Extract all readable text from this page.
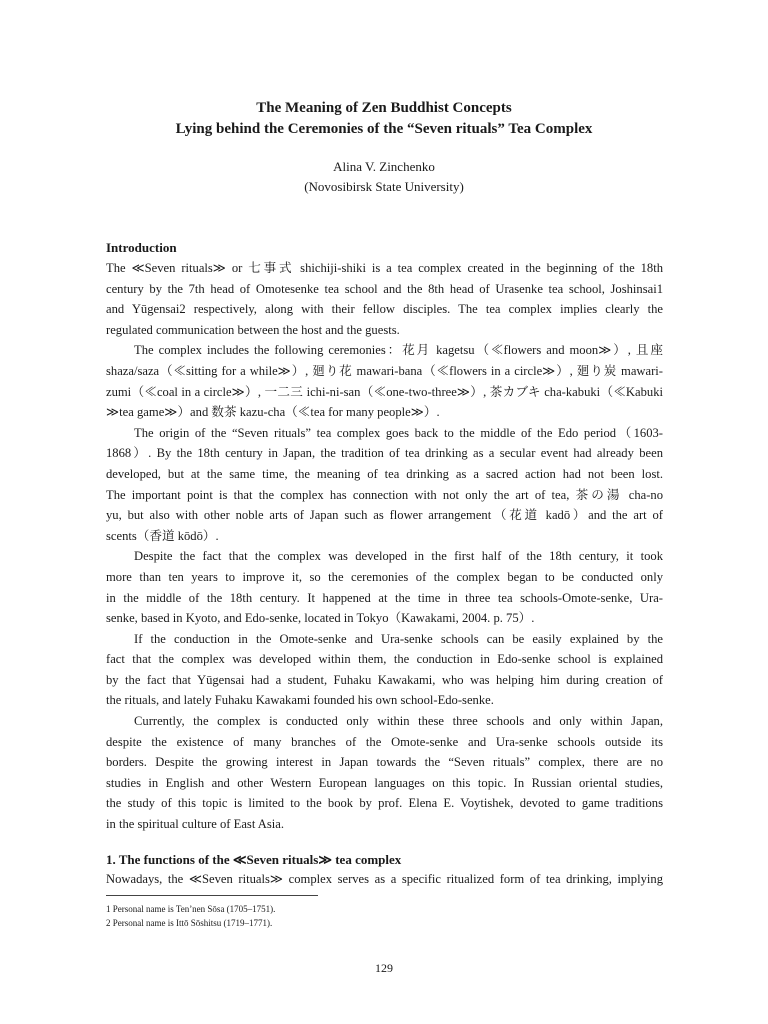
The Meaning of Zen Buddhist Concepts
Lying behind the Ceremonies of the “Seven rituals” Tea Complex
Alina V. Zinchenko
(Novosibirsk State University)
Introduction
The ≪Seven rituals≫ or 七事式 shichiji-shiki is a tea complex created in the beginning of the 18th
century by the 7th head of Omotesenke tea school and the 8th head of Urasenke tea school, Joshinsai1
and Yūgensai2 respectively, along with their fellow disciples. The tea complex implies clearly the
regulated communication between the host and the guests.
The complex includes the following ceremonies：花月 kagetsu（≪flowers and moon≫）, 且座
shaza/saza（≪sitting for a while≫）, 廻り花 mawari-bana（≪flowers in a circle≫）, 廻り炭 mawari-
zumi（≪coal in a circle≫）, 一二三 ichi-ni-san（≪one-two-three≫）, 茶カブキ cha-kabuki（≪Kabuki
≫tea game≫）and 数茶 kazu-cha（≪tea for many people≫）.
The origin of the “Seven rituals” tea complex goes back to the middle of the Edo period（1603-
1868）. By the 18th century in Japan, the tradition of tea drinking as a secular event had already been
developed, but at the same time, the meaning of tea drinking as a sacred action had not been lost.
The important point is that the complex has connection with not only the art of tea, 茶の湯 cha-no
yu, but also with other noble arts of Japan such as flower arrangement（花道 kadō）and the art of
scents（香道 kōdō）.
Despite the fact that the complex was developed in the first half of the 18th century, it took
more than ten years to improve it, so the ceremonies of the complex began to be conducted only
in the middle of the 18th century. It happened at the time in three tea schools-Omote-senke, Ura-
senke, based in Kyoto, and Edo-senke, located in Tokyo（Kawakami, 2004. p. 75）.
If the conduction in the Omote-senke and Ura-senke schools can be easily explained by the
fact that the complex was developed within them, the conduction in Edo-senke school is explained
by the fact that Yūgensai had a student, Fuhaku Kawakami, who was helping him during creation of
the rituals, and lately Fuhaku Kawakami founded his own school-Edo-senke.
Currently, the complex is conducted only within these three schools and only within Japan,
despite the existence of many branches of the Omote-senke and Ura-senke schools outside its
borders. Despite the growing interest in Japan towards the “Seven rituals” complex, there are no
studies in English and other Western European languages on this topic. In Russian oriental studies,
the study of this topic is limited to the book by prof. Elena E. Voytishek, devoted to game traditions
in the spiritual culture of East Asia.
1. The functions of the ≪Seven rituals≫ tea complex
Nowadays, the ≪Seven rituals≫ complex serves as a specific ritualized form of tea drinking, implying
1 Personal name is Ten’nen Sōsa (1705–1751).
2 Personal name is Ittō Sōshitsu (1719–1771).
129
